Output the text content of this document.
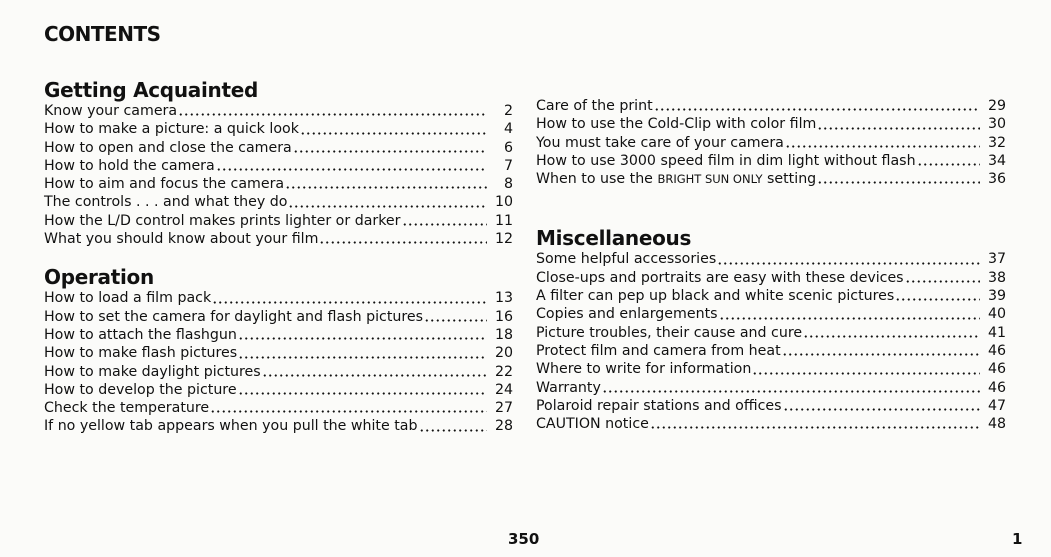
CONTENTS
Getting Acquainted
Know your camera	2
How to make a picture: a quick look	4
How to open and close the camera	6
How to hold the camera	7
How to aim and focus the camera	8
The controls . . . and what they do	10
How the L/D control makes prints lighter or darker	11
What you should know about your film	12
Operation
How to load a film pack	13
How to set the camera for daylight and flash pictures	16
How to attach the flashgun	18
How to make flash pictures	20
How to make daylight pictures	22
How to develop the picture	24
Check the temperature	27
If no yellow tab appears when you pull the white tab	28
Care of the print	29
How to use the Cold-Clip with color film	30
You must take care of your camera	32
How to use 3000 speed film in dim light without flash	34
When to use the BRIGHT SUN ONLY setting	36
Miscellaneous
Some helpful accessories	37
Close-ups and portraits are easy with these devices	38
A filter can pep up black and white scenic pictures	39
Copies and enlargements	40
Picture troubles, their cause and cure	41
Protect film and camera from heat	46
Where to write for information	46
Warranty	46
Polaroid repair stations and offices	47
CAUTION notice	48
350	1
